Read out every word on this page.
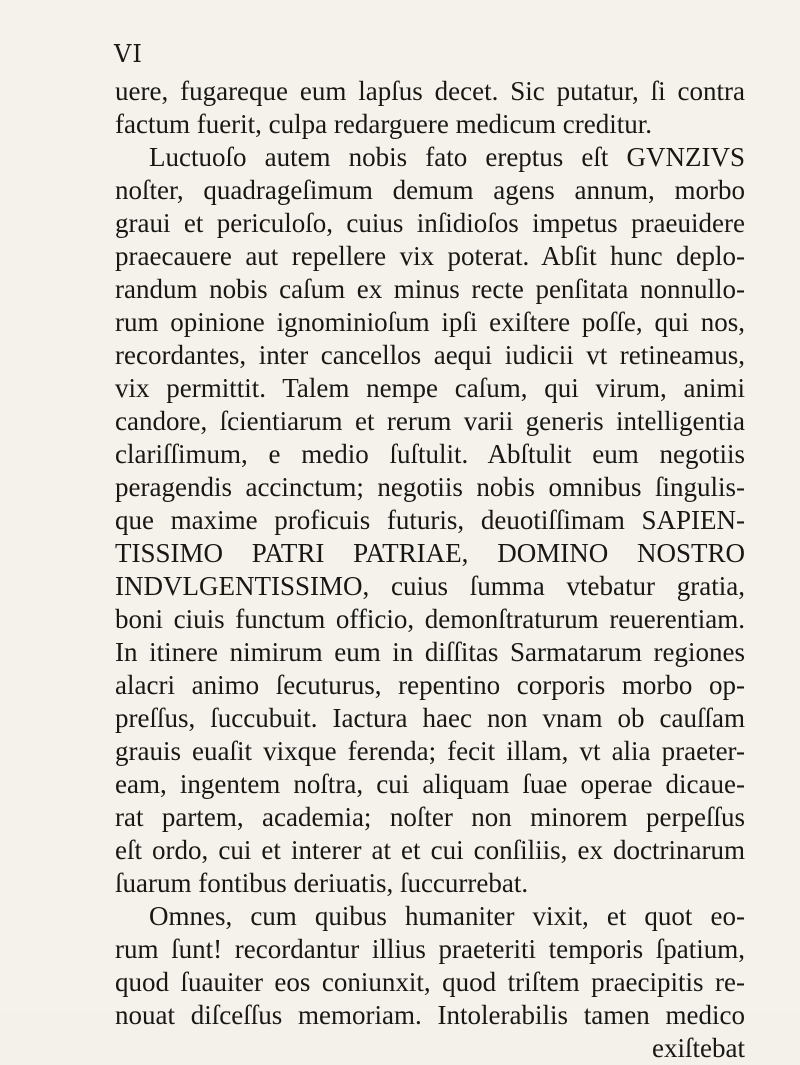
VI
uere, fugareque eum lapſus decet. Sic putatur, ſi contra
factum fuerit, culpa redarguere medicum creditur.
Luctuoſo autem nobis fato ereptus eſt GVNZIVS
noſter, quadrageſimum demum agens annum, morbo
graui et periculoſo, cuius inſidioſos impetus praeuidere
praecauere aut repellere vix poterat. Abſit hunc deplo-
randum nobis caſum ex minus recte penſitata nonnullo-
rum opinione ignominioſum ipſi exiſtere poſſe, qui nos,
recordantes, inter cancellos aequi iudicii vt retineamus,
vix permittit. Talem nempe caſum, qui virum, animi
candore, ſcientiarum et rerum varii generis intelligentia
clariſſimum, e medio ſuſtulit. Abſtulit eum negotiis
peragendis accinctum; negotiis nobis omnibus ſingulis-
que maxime proficuis futuris, deuotiſſimam SAPIEN-
TISSIMO PATRI PATRIAE, DOMINO NOSTRO
INDVLGENTISSIMO, cuius ſumma vtebatur gratia,
boni ciuis functum officio, demonſtraturum reuerentiam.
In itinere nimirum eum in diſſitas Sarmatarum regiones
alacri animo ſecuturus, repentino corporis morbo op-
preſſus, ſuccubuit. Iactura haec non vnam ob cauſſam
grauis euaſit vixque ferenda; fecit illam, vt alia praeter-
eam, ingentem noſtra, cui aliquam ſuae operae dicaue-
rat partem, academia; noſter non minorem perpeſſus
eſt ordo, cui et interer at et cui conſiliis, ex doctrinarum
ſuarum fontibus deriuatis, ſuccurrebat.
Omnes, cum quibus humaniter vixit, et quot eo-
rum ſunt! recordantur illius praeteriti temporis ſpatium,
quod ſuauiter eos coniunxit, quod triſtem praecipitis re-
nouat diſceſſus memoriam. Intolerabilis tamen medico
exiſtebat
